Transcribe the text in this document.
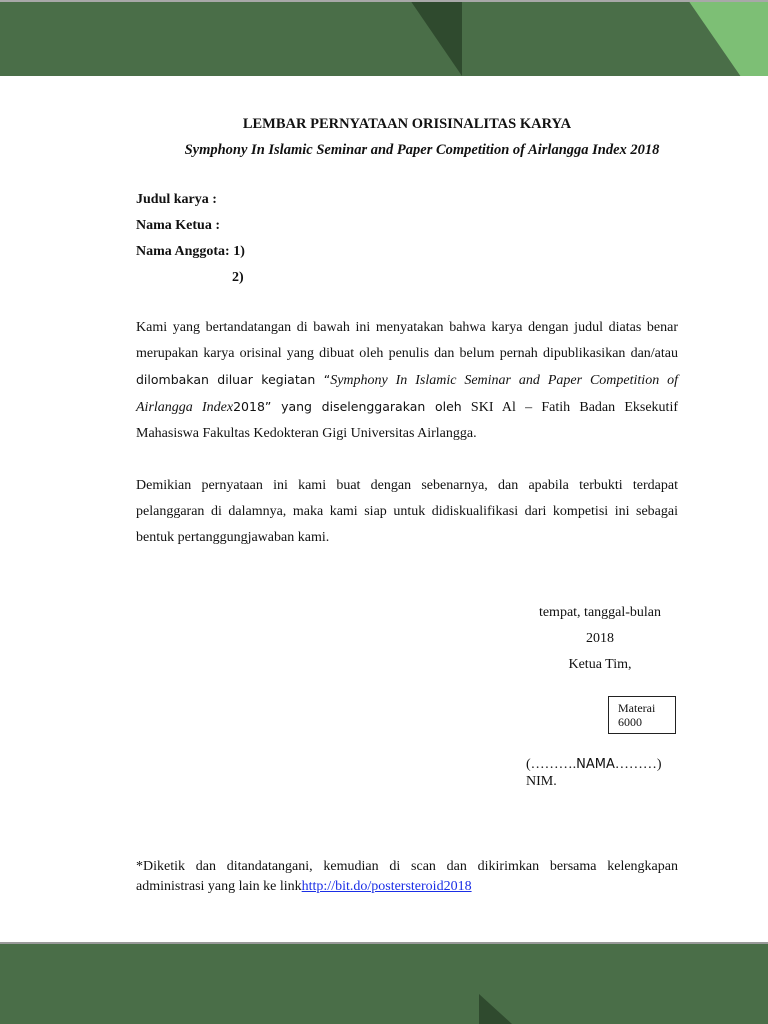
LEMBAR PERNYATAAN ORISINALITAS KARYA
Symphony In Islamic Seminar and Paper Competition of Airlangga Index 2018
Judul karya :
Nama Ketua :
Nama Anggota: 1)
2)

Kami yang bertandatangan di bawah ini menyatakan bahwa karya dengan judul diatas benar merupakan karya orisinal yang dibuat oleh penulis dan belum pernah dipublikasikan dan/atau dilombakan diluar kegiatan “Symphony In Islamic Seminar and Paper Competition of Airlangga Index2018” yang diselenggarakan oleh SKI Al – Fatih Badan Eksekutif Mahasiswa Fakultas Kedokteran Gigi Universitas Airlangga.

Demikian pernyataan ini kami buat dengan sebenarnya, dan apabila terbukti terdapat pelanggaran di dalamnya, maka kami siap untuk didiskualifikasi dari kompetisi ini sebagai bentuk pertanggungjawaban kami.

tempat, tanggal-bulan
2018
Ketua Tim,
Materai
6000
(……….NAMA………)
NIM.
*Diketik dan ditandatangani, kemudian di scan dan dikirimkan bersama kelengkapan administrasi yang lain ke linkhttp://bit.do/postersteroid2018
